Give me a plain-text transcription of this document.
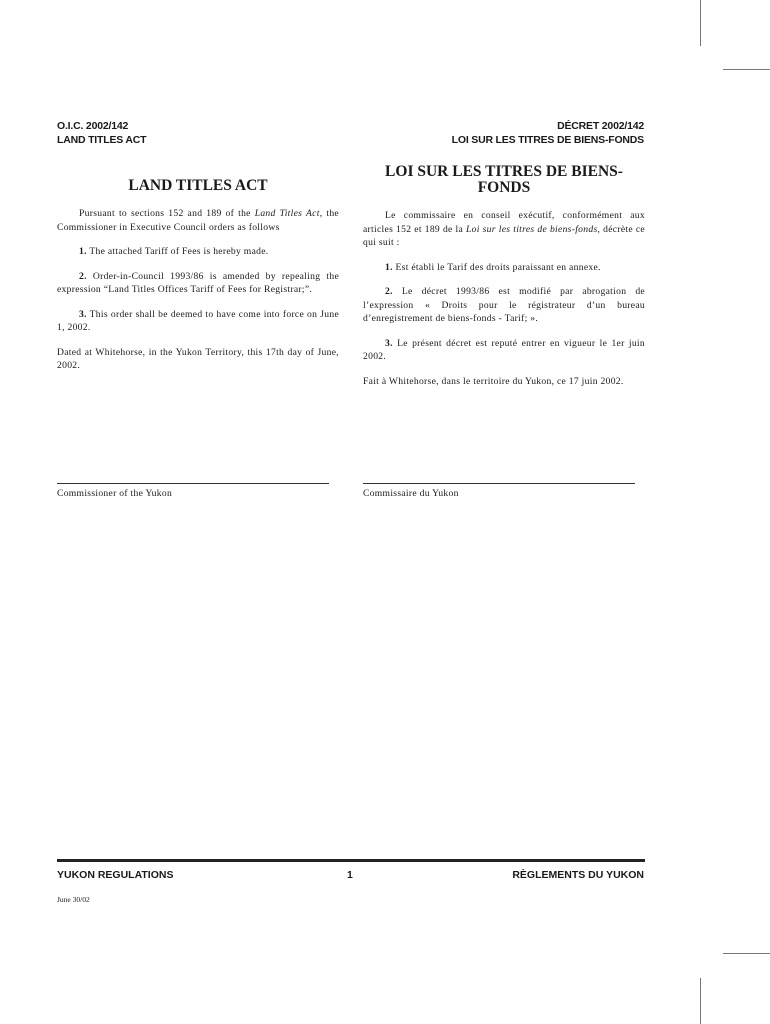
O.I.C. 2002/142
LAND TITLES ACT
DÉCRET 2002/142
LOI SUR LES TITRES DE BIENS-FONDS
LAND TITLES ACT

Pursuant to sections 152 and 189 of the Land Titles Act, the Commissioner in Executive Council orders as follows

1. The attached Tariff of Fees is hereby made.

2. Order-in-Council 1993/86 is amended by repealing the expression “Land Titles Offices Tariff of Fees for Registrar;”.

3. This order shall be deemed to have come into force on June 1, 2002.

Dated at Whitehorse, in the Yukon Territory, this 17th day of June, 2002.

LOI SUR LES TITRES DE BIENS-FONDS

Le commissaire en conseil exécutif, conformément aux articles 152 et 189 de la Loi sur les titres de biens-fonds, décrète ce qui suit :

1. Est établi le Tarif des droits paraissant en annexe.

2. Le décret 1993/86 est modifié par abrogation de l’expression « Droits pour le régistrateur d’un bureau d’enregistrement de biens-fonds - Tarif; ».

3. Le présent décret est reputé entrer en vigueur le 1er juin 2002.

Fait à Whitehorse, dans le territoire du Yukon, ce 17 juin 2002.

Commissioner of the Yukon	Commissaire du Yukon
YUKON REGULATIONS	1	RÈGLEMENTS DU YUKON
June 30/02
